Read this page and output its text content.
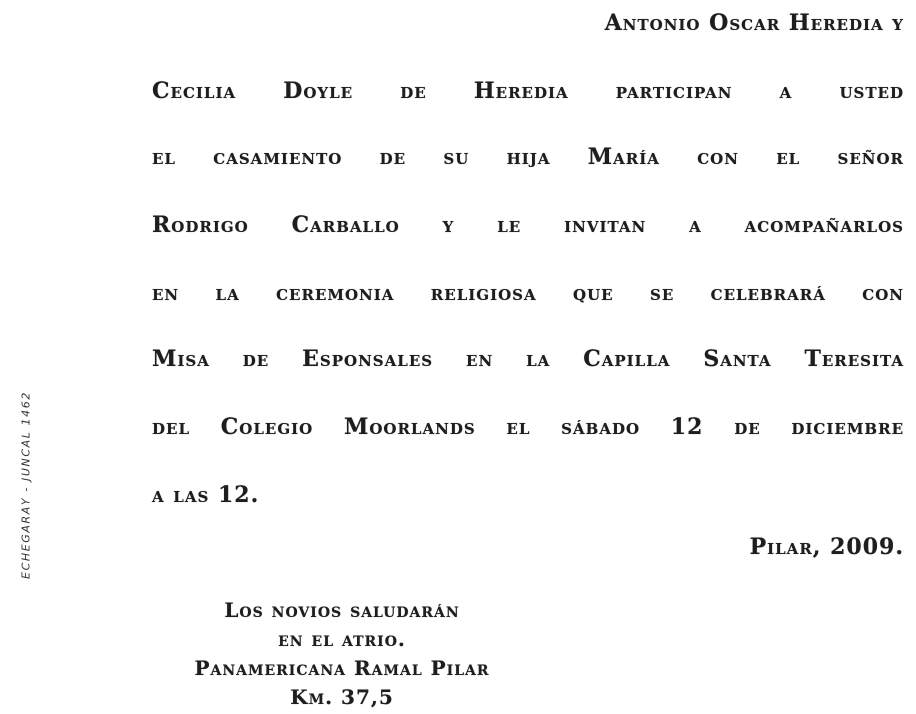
Antonio Oscar Heredia y
Cecilia Doyle de Heredia participan a usted
el casamiento de su hija María con el señor
Rodrigo Carballo y le invitan a acompañarlos
en la ceremonia religiosa que se celebrará con
Misa de Esponsales en la Capilla Santa Teresita
del Colegio Moorlands el sábado 12 de diciembre
a las 12.
Pilar, 2009.
ECHEGARAY - JUNCAL 1462
Los novios saludarán
en el atrio.
Panamericana Ramal Pilar
Km. 37,5
